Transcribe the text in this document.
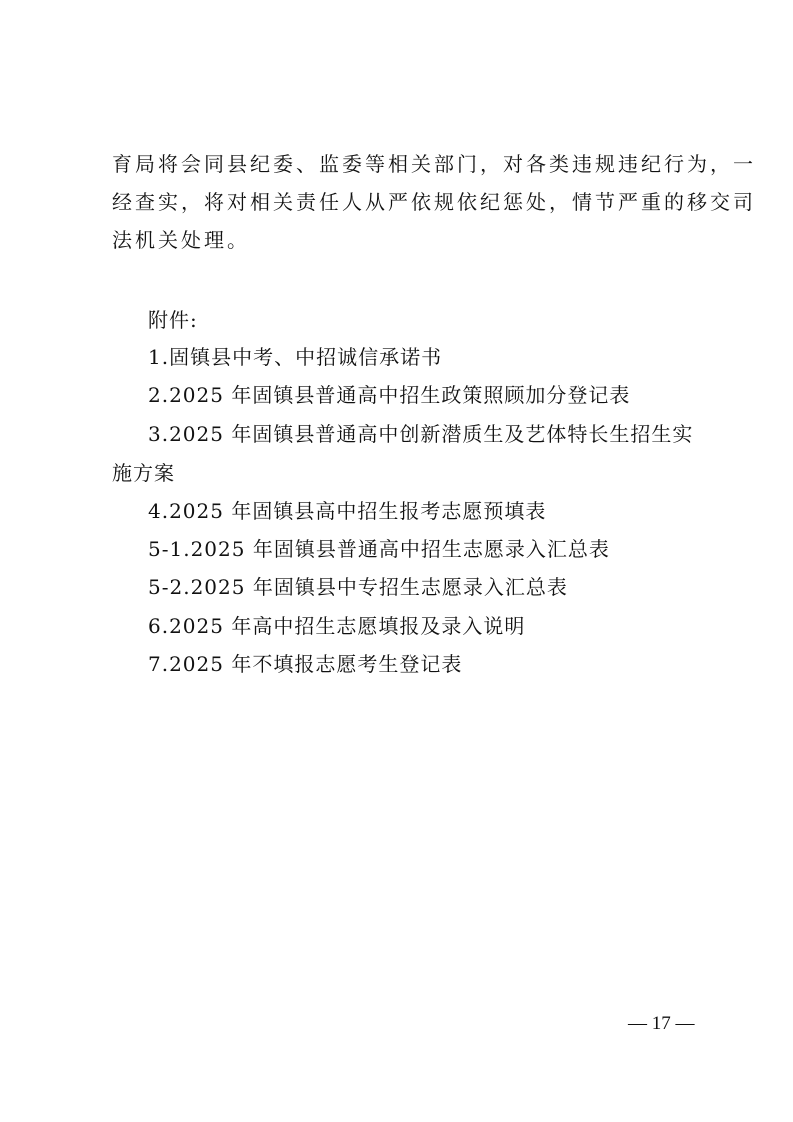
育局将会同县纪委、监委等相关部门，对各类违规违纪行为，一
经查实，将对相关责任人从严依规依纪惩处，情节严重的移交司
法机关处理。

附件:

1.固镇县中考、中招诚信承诺书

2.2025 年固镇县普通高中招生政策照顾加分登记表

3.2025 年固镇县普通高中创新潜质生及艺体特长生招生实

施方案

4.2025 年固镇县高中招生报考志愿预填表

5-1.2025 年固镇县普通高中招生志愿录入汇总表

5-2.2025 年固镇县中专招生志愿录入汇总表

6.2025 年高中招生志愿填报及录入说明

7.2025 年不填报志愿考生登记表

— 17 —
